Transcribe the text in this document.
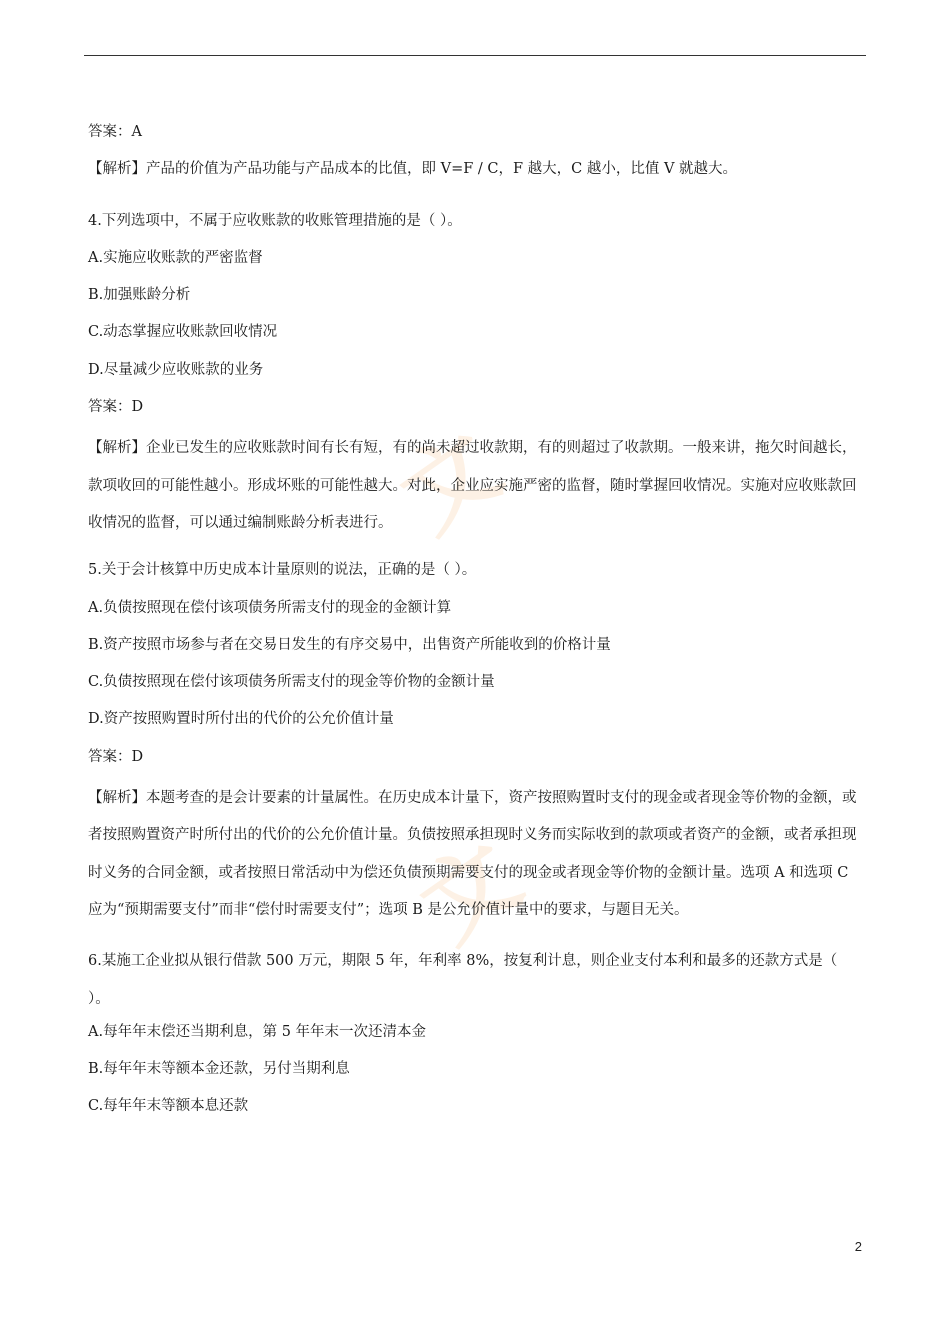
文
文
答案：A
【解析】产品的价值为产品功能与产品成本的比值，即 V=F / C，F 越大，C 越小，比值 V 就越大。
4.下列选项中，不属于应收账款的收账管理措施的是（ ）。
A.实施应收账款的严密监督
B.加强账龄分析
C.动态掌握应收账款回收情况
D.尽量减少应收账款的业务
答案：D
【解析】企业已发生的应收账款时间有长有短，有的尚未超过收款期，有的则超过了收款期。一般来讲，拖欠时间越长，款项收回的可能性越小。形成坏账的可能性越大。对此，企业应实施严密的监督，随时掌握回收情况。实施对应收账款回收情况的监督，可以通过编制账龄分析表进行。
5.关于会计核算中历史成本计量原则的说法，正确的是（ ）。
A.负债按照现在偿付该项债务所需支付的现金的金额计算
B.资产按照市场参与者在交易日发生的有序交易中，出售资产所能收到的价格计量
C.负债按照现在偿付该项债务所需支付的现金等价物的金额计量
D.资产按照购置时所付出的代价的公允价值计量
答案：D
【解析】本题考查的是会计要素的计量属性。在历史成本计量下，资产按照购置时支付的现金或者现金等价物的金额，或者按照购置资产时所付出的代价的公允价值计量。负债按照承担现时义务而实际收到的款项或者资产的金额，或者承担现时义务的合同金额，或者按照日常活动中为偿还负债预期需要支付的现金或者现金等价物的金额计量。选项 A 和选项 C 应为“预期需要支付”而非“偿付时需要支付”；选项 B 是公允价值计量中的要求，与题目无关。
6.某施工企业拟从银行借款 500 万元，期限 5 年，年利率 8%，按复利计息，则企业支付本利和最多的还款方式是（ ）。
A.每年年末偿还当期利息，第 5 年年末一次还清本金
B.每年年末等额本金还款，另付当期利息
C.每年年末等额本息还款
2
